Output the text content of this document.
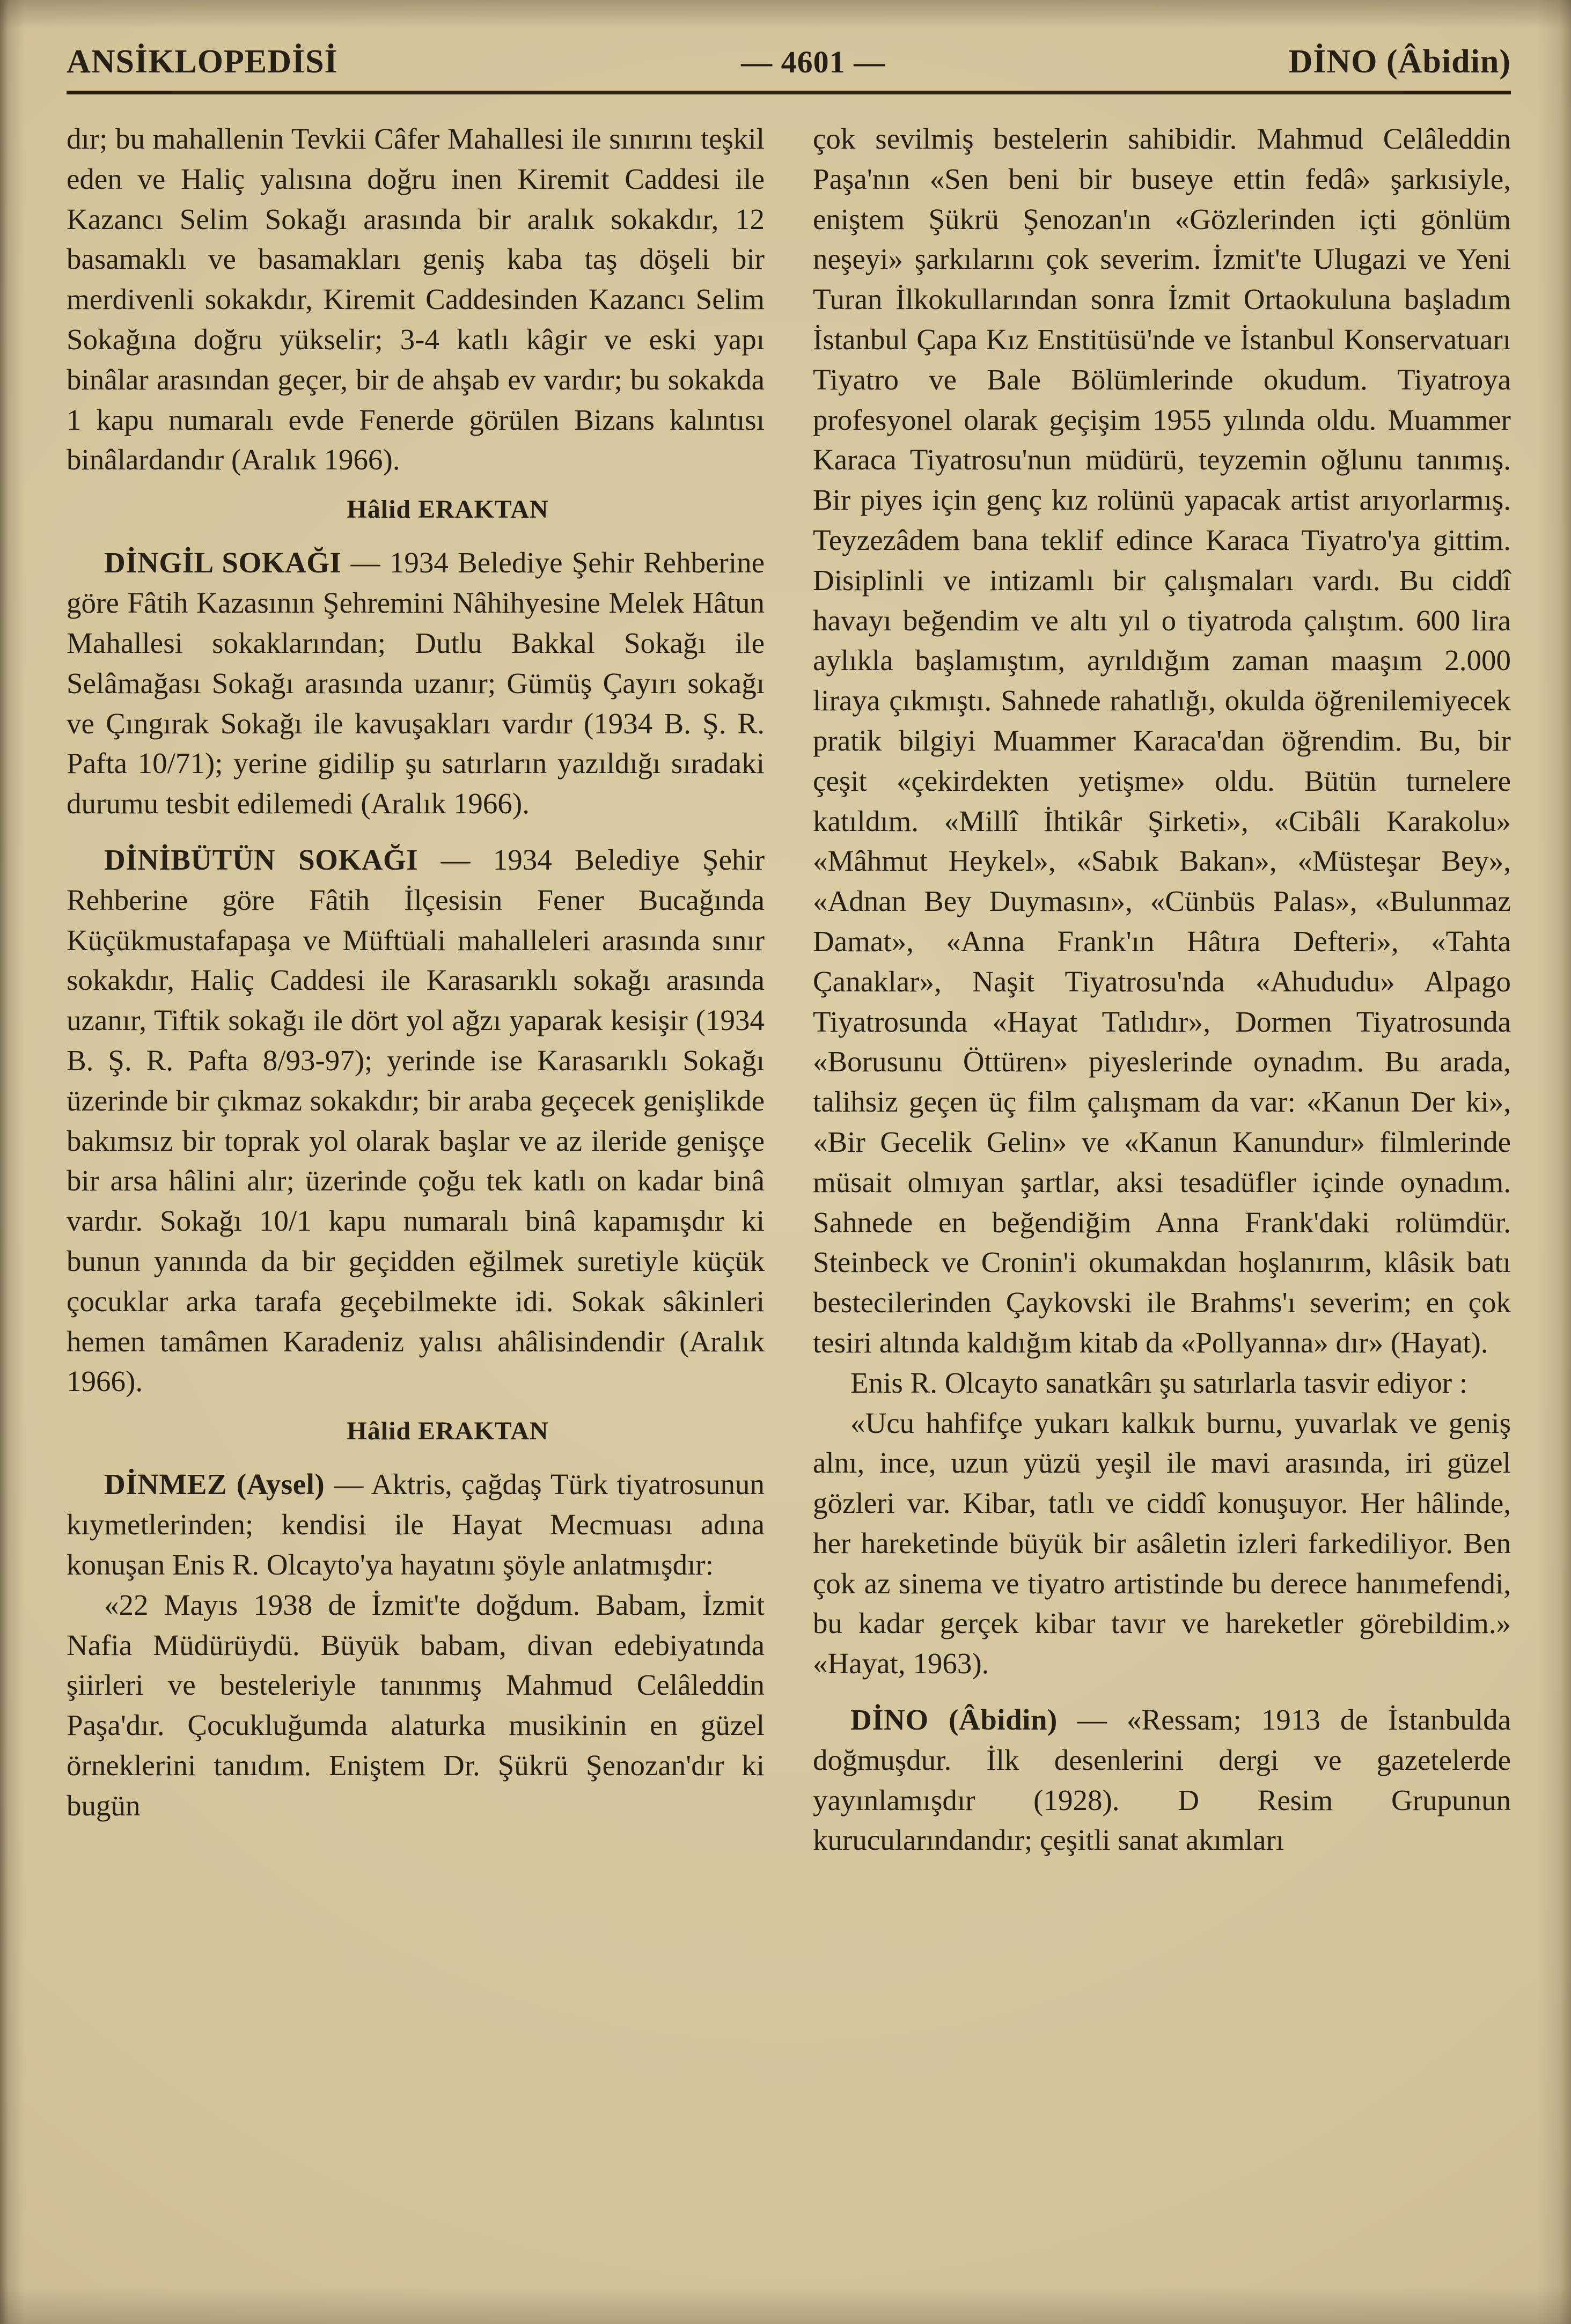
ANSİKLOPEDİSİ	— 4601 —	DİNO (Âbidin)

dır; bu mahallenin Tevkii Câfer Mahallesi ile sınırını teşkil eden ve Haliç yalısına doğru inen Kiremit Caddesi ile Kazancı Selim Sokağı arasında bir aralık sokakdır, 12 basamaklı ve basamakları geniş kaba taş döşeli bir merdivenli sokakdır, Kiremit Caddesinden Kazancı Selim Sokağına doğru yükselir; 3-4 katlı kâgir ve eski yapı binâlar arasından geçer, bir de ahşab ev vardır; bu sokakda 1 kapu numaralı evde Fenerde görülen Bizans kalıntısı binâlardandır (Aralık 1966).

Hâlid ERAKTAN

DİNGİL SOKAĞI — 1934 Belediye Şehir Rehberine göre Fâtih Kazasının Şehremini Nâhihyesine Melek Hâtun Mahallesi sokaklarından; Dutlu Bakkal Sokağı ile Selâmağası Sokağı arasında uzanır; Gümüş Çayırı sokağı ve Çıngırak Sokağı ile kavuşakları vardır (1934 B. Ş. R. Pafta 10/71); yerine gidilip şu satırların yazıldığı sıradaki durumu tesbit edilemedi (Aralık 1966).

DİNİBÜTÜN SOKAĞI — 1934 Belediye Şehir Rehberine göre Fâtih İlçesisin Fener Bucağında Küçükmustafapaşa ve Müftüali mahalleleri arasında sınır sokakdır, Haliç Caddesi ile Karasarıklı sokağı arasında uzanır, Tiftik sokağı ile dört yol ağzı yaparak kesişir (1934 B. Ş. R. Pafta 8/93-97); yerinde ise Karasarıklı Sokağı üzerinde bir çıkmaz sokakdır; bir araba geçecek genişlikde bakımsız bir toprak yol olarak başlar ve az ileride genişçe bir arsa hâlini alır; üzerinde çoğu tek katlı on kadar binâ vardır. Sokağı 10/1 kapu numaralı binâ kapamışdır ki bunun yanında da bir geçidden eğilmek suretiyle küçük çocuklar arka tarafa geçebilmekte idi. Sokak sâkinleri hemen tamâmen Karadeniz yalısı ahâlisindendir (Aralık 1966).

Hâlid ERAKTAN

DİNMEZ (Aysel) — Aktris, çağdaş Türk tiyatrosunun kıymetlerinden; kendisi ile Hayat Mecmuası adına konuşan Enis R. Olcayto'ya hayatını şöyle anlatmışdır:

«22 Mayıs 1938 de İzmit'te doğdum. Babam, İzmit Nafia Müdürüydü. Büyük babam, divan edebiyatında şiirleri ve besteleriyle tanınmış Mahmud Celâleddin Paşa'dır. Çocukluğumda alaturka musikinin en güzel örneklerini tanıdım. Eniştem Dr. Şükrü Şenozan'dır ki bugün

çok sevilmiş bestelerin sahibidir. Mahmud Celâleddin Paşa'nın «Sen beni bir buseye ettin fedâ» şarkısiyle, eniştem Şükrü Şenozan'ın «Gözlerinden içti gönlüm neşeyi» şarkılarını çok severim. İzmit'te Ulugazi ve Yeni Turan İlkokullarından sonra İzmit Ortaokuluna başladım İstanbul Çapa Kız Enstitüsü'nde ve İstanbul Konservatuarı Tiyatro ve Bale Bölümlerinde okudum. Tiyatroya profesyonel olarak geçişim 1955 yılında oldu. Muammer Karaca Tiyatrosu'nun müdürü, teyzemin oğlunu tanımış. Bir piyes için genç kız rolünü yapacak artist arıyorlarmış. Teyzezâdem bana teklif edince Karaca Tiyatro'ya gittim. Disiplinli ve intizamlı bir çalışmaları vardı. Bu ciddî havayı beğendim ve altı yıl o tiyatroda çalıştım. 600 lira aylıkla başlamıştım, ayrıldığım zaman maaşım 2.000 liraya çıkmıştı. Sahnede rahatlığı, okulda öğrenilemiyecek pratik bilgiyi Muammer Karaca'dan öğrendim. Bu, bir çeşit «çekirdekten yetişme» oldu. Bütün turnelere katıldım. «Millî İhtikâr Şirketi», «Cibâli Karakolu» «Mâhmut Heykel», «Sabık Bakan», «Müsteşar Bey», «Adnan Bey Duymasın», «Cünbüs Palas», «Bulunmaz Damat», «Anna Frank'ın Hâtıra Defteri», «Tahta Çanaklar», Naşit Tiyatrosu'nda «Ahududu» Alpago Tiyatrosunda «Hayat Tatlıdır», Dormen Tiyatrosunda «Borusunu Öttüren» piyeslerinde oynadım. Bu arada, talihsiz geçen üç film çalışmam da var: «Kanun Der ki», «Bir Gecelik Gelin» ve «Kanun Kanundur» filmlerinde müsait olmıyan şartlar, aksi tesadüfler içinde oynadım. Sahnede en beğendiğim Anna Frank'daki rolümdür. Steinbeck ve Cronin'i okumakdan hoşlanırım, klâsik batı bestecilerinden Çaykovski ile Brahms'ı severim; en çok tesiri altında kaldığım kitab da «Pollyanna» dır» (Hayat).

Enis R. Olcayto sanatkârı şu satırlarla tasvir ediyor :

«Ucu hahfifçe yukarı kalkık burnu, yuvarlak ve geniş alnı, ince, uzun yüzü yeşil ile mavi arasında, iri güzel gözleri var. Kibar, tatlı ve ciddî konuşuyor. Her hâlinde, her hareketinde büyük bir asâletin izleri farkediliyor. Ben çok az sinema ve tiyatro artistinde bu derece hanımefendi, bu kadar gerçek kibar tavır ve hareketler görebildim.» «Hayat, 1963).

DİNO (Âbidin) — «Ressam; 1913 de İstanbulda doğmuşdur. İlk desenlerini dergi ve gazetelerde yayınlamışdır (1928). D Resim Grupunun kurucularındandır; çeşitli sanat akımları
